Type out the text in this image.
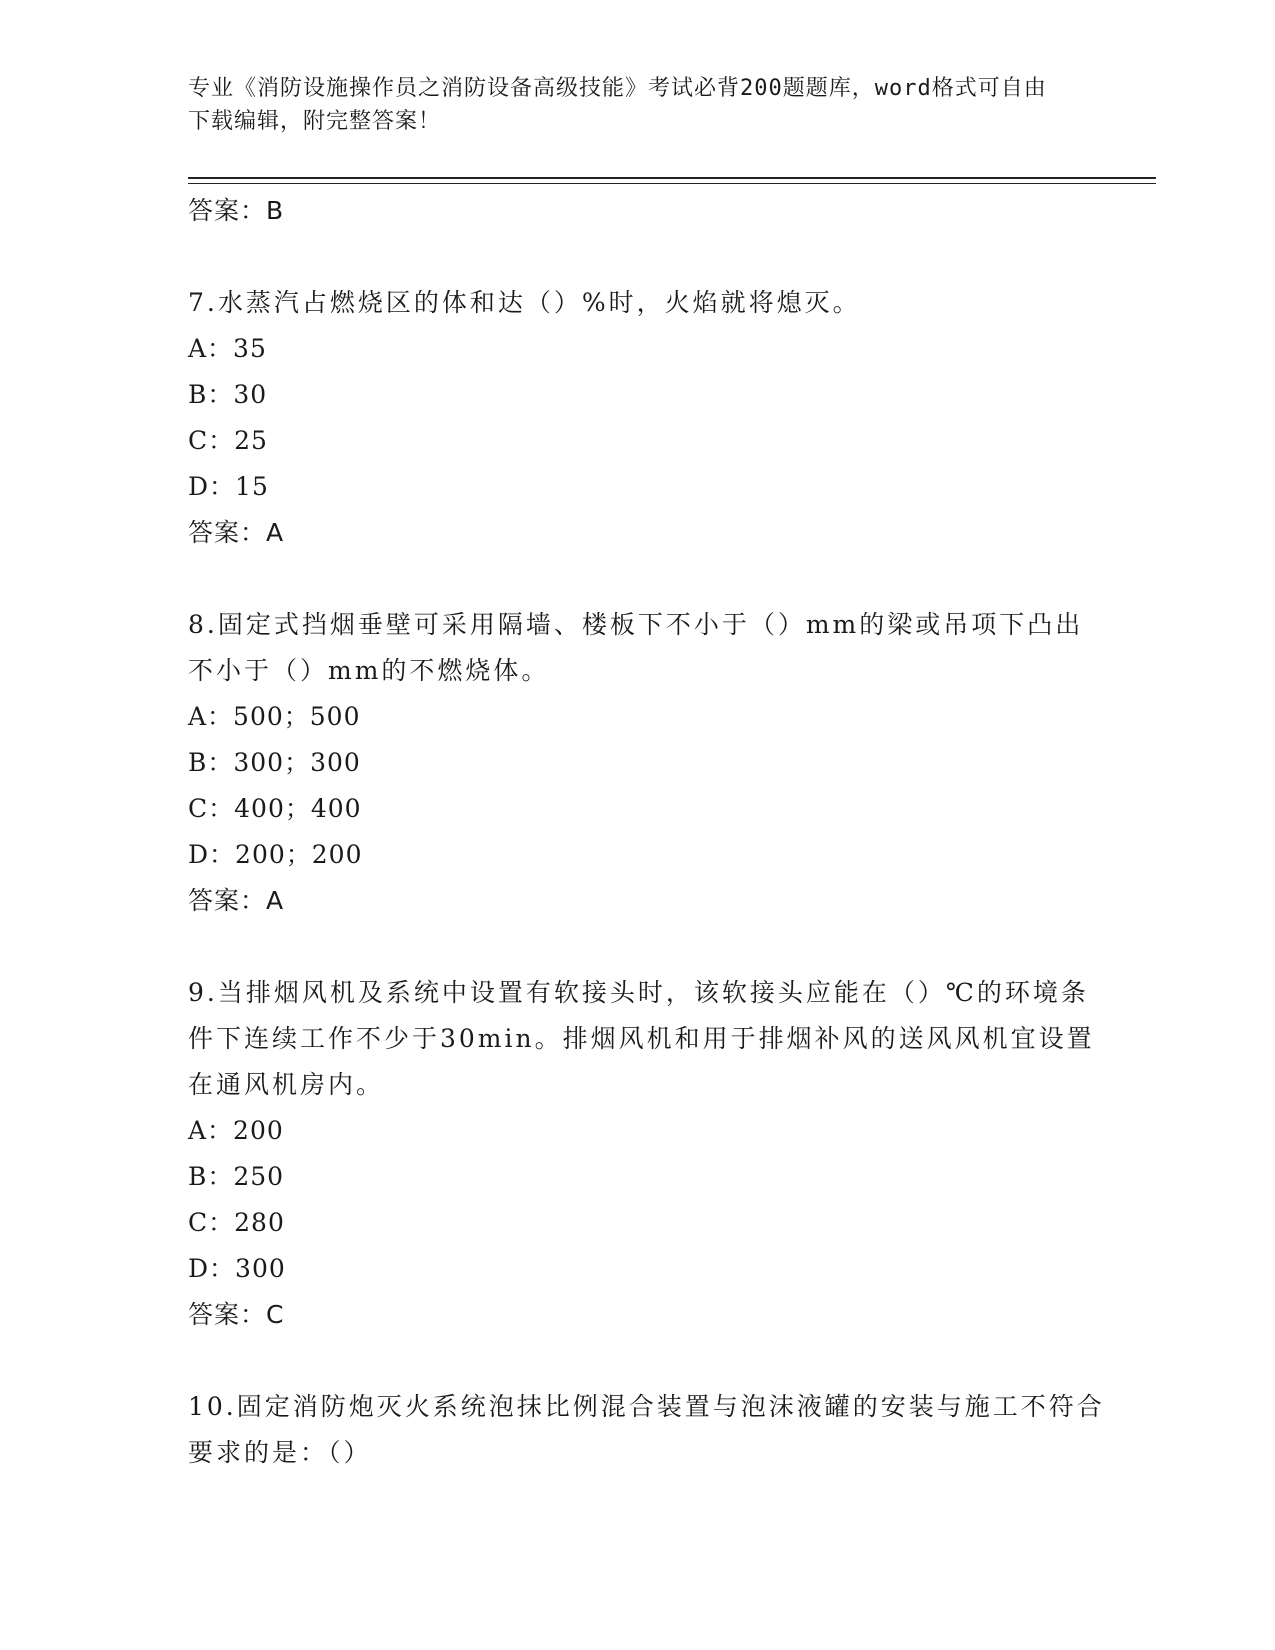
专业《消防设施操作员之消防设备高级技能》考试必背200题题库，word格式可自由下载编辑，附完整答案！
答案：B
7.水蒸汽占燃烧区的体和达（）%时，火焰就将熄灭。
A：35
B：30
C：25
D：15
答案：A
8.固定式挡烟垂壁可采用隔墙、楼板下不小于（）mm的梁或吊项下凸出不小于（）mm的不燃烧体。
A：500；500
B：300；300
C：400；400
D：200；200
答案：A
9.当排烟风机及系统中设置有软接头时，该软接头应能在（）℃的环境条件下连续工作不少于30min。排烟风机和用于排烟补风的送风风机宜设置在通风机房内。
A：200
B：250
C：280
D：300
答案：C
10.固定消防炮灭火系统泡抹比例混合装置与泡沫液罐的安装与施工不符合要求的是：（）
